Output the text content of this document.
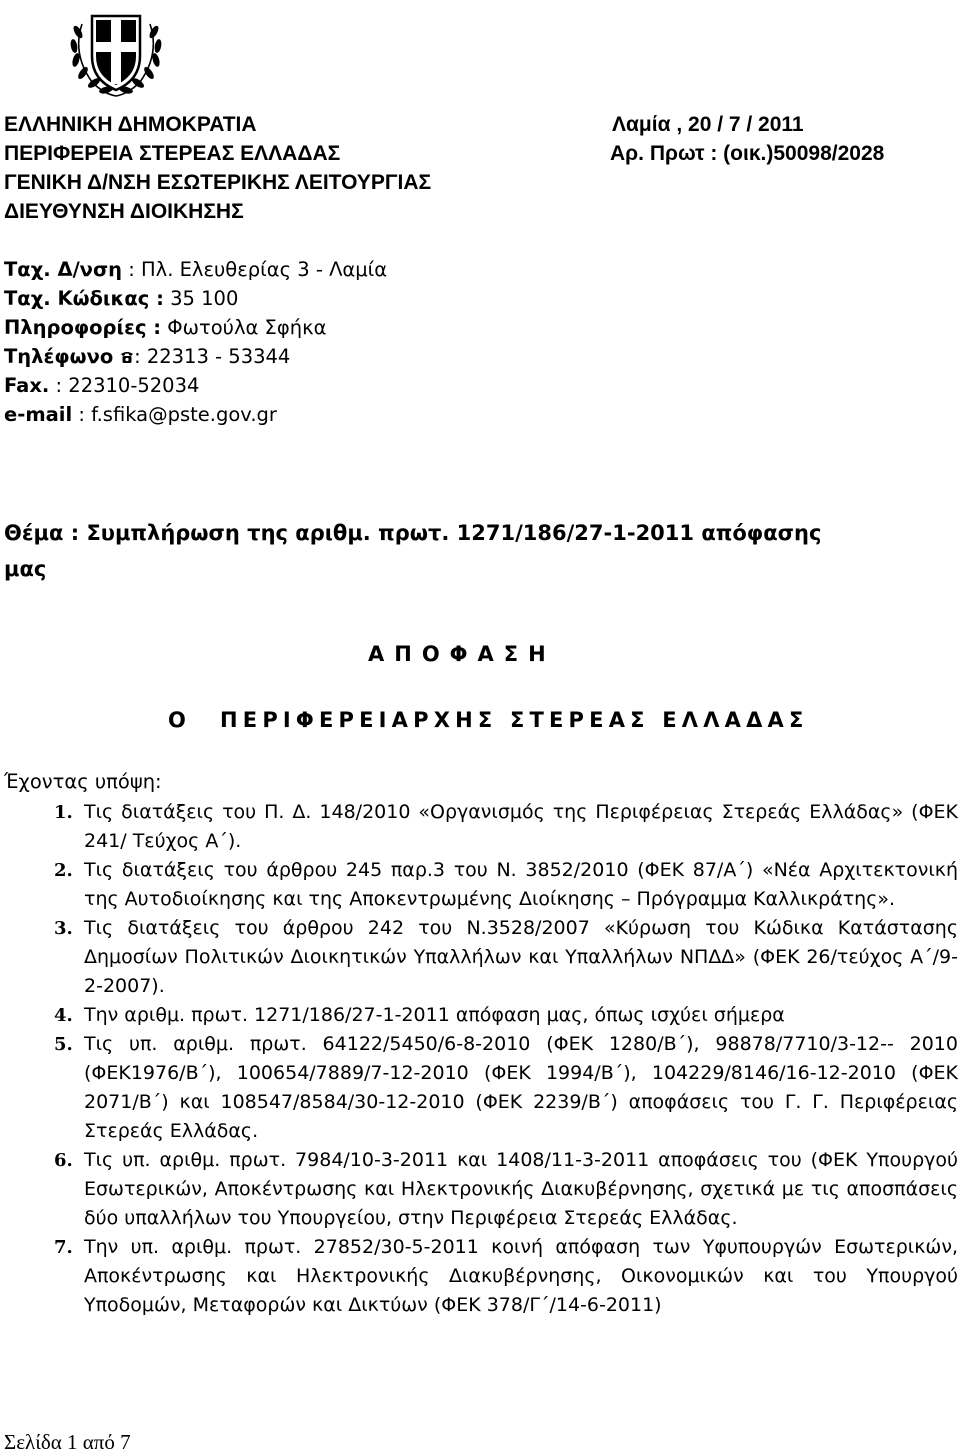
ΕΛΛΗΝΙΚΗ ΔΗΜΟΚΡΑΤΙΑ
ΠΕΡΙΦΕΡΕΙΑ ΣΤΕΡΕΑΣ ΕΛΛΑΔΑΣ
ΓΕΝΙΚΗ Δ/ΝΣΗ ΕΣΩΤΕΡΙΚΗΣ ΛΕΙΤΟΥΡΓΙΑΣ
ΔΙΕΥΘΥΝΣΗ ΔΙΟΙΚΗΣΗΣ
Λαμία , 20 / 7 / 2011
Αρ. Πρωτ : (οικ.)50098/2028
Ταχ. Δ/νση : Πλ. Ελευθερίας 3 - Λαμία
Ταχ. Κώδικας : 35 100
Πληροφορίες : Φωτούλα Σφήκα
Τηλέφωνο : 22313 - 53344
Fax. : 22310-52034
e-mail : f.sfika@pste.gov.gr
Θέμα : Συμπλήρωση της αριθμ. πρωτ. 1271/186/27-1-2011 απόφασης
μας
ΑΠΟΦΑΣΗ
Ο ΠΕΡΙΦΕΡΕΙΑΡΧΗΣ ΣΤΕΡΕΑΣ ΕΛΛΑΔΑΣ
Έχοντας υπόψη:
1. Τις διατάξεις του Π. Δ. 148/2010 «Οργανισμός της Περιφέρειας Στερεάς Ελλάδας» (ΦΕΚ 241/ Τεύχος Α΄).
2. Τις διατάξεις του άρθρου 245 παρ.3 του Ν. 3852/2010 (ΦΕΚ 87/Α΄) «Νέα Αρχιτεκτονική της Αυτοδιοίκησης και της Αποκεντρωμένης Διοίκησης – Πρόγραμμα Καλλικράτης».
3. Τις διατάξεις του άρθρου 242 του Ν.3528/2007 «Κύρωση του Κώδικα Κατάστασης Δημοσίων Πολιτικών Διοικητικών Υπαλλήλων και Υπαλλήλων ΝΠΔΔ» (ΦΕΚ 26/τεύχος Α΄/9-2-2007).
4. Την αριθμ. πρωτ. 1271/186/27-1-2011 απόφαση μας, όπως ισχύει σήμερα
5. Τις υπ. αριθμ. πρωτ. 64122/5450/6-8-2010 (ΦΕΚ 1280/Β΄), 98878/7710/3-12-- 2010 (ΦΕΚ1976/Β΄), 100654/7889/7-12-2010 (ΦΕΚ 1994/Β΄), 104229/8146/16-12-2010 (ΦΕΚ 2071/Β΄) και 108547/8584/30-12-2010 (ΦΕΚ 2239/Β΄) αποφάσεις του Γ. Γ. Περιφέρειας Στερεάς Ελλάδας.
6. Τις υπ. αριθμ. πρωτ. 7984/10-3-2011 και 1408/11-3-2011 αποφάσεις του (ΦΕΚ Υπουργού Εσωτερικών, Αποκέντρωσης και Ηλεκτρονικής Διακυβέρνησης, σχετικά με τις αποσπάσεις δύο υπαλλήλων του Υπουργείου, στην Περιφέρεια Στερεάς Ελλάδας.
7. Την υπ. αριθμ. πρωτ. 27852/30-5-2011 κοινή απόφαση των Υφυπουργών Εσωτερικών, Αποκέντρωσης και Ηλεκτρονικής Διακυβέρνησης, Οικονομικών και του Υπουργού Υποδομών, Μεταφορών και Δικτύων (ΦΕΚ 378/Γ΄/14-6-2011)
Σελίδα 1 από 7
